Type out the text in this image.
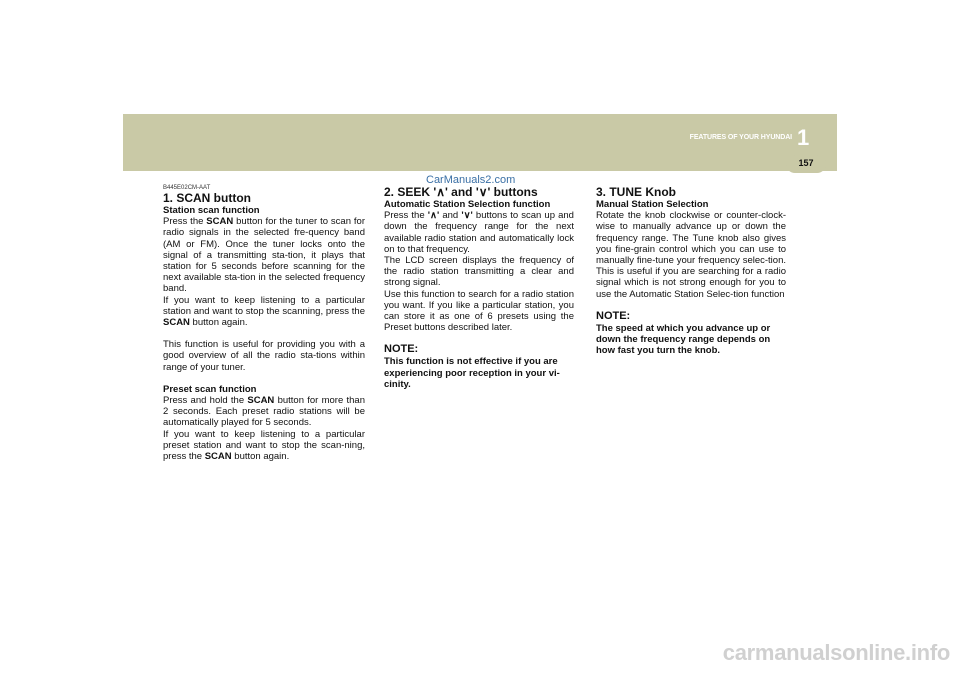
1
FEATURES OF YOUR HYUNDAI
157
CarManuals2.com
B445E02CM-AAT
1. SCAN button
Station scan function
Press the SCAN button for the tuner to scan for radio signals in the selected fre-quency band (AM or FM). Once the tuner locks onto the signal of a transmitting sta-tion, it plays that station for 5 seconds before scanning for the next available sta-tion in the selected frequency band.
If you want to keep listening to a particular station and want to stop the scanning, press the SCAN button again.
This function is useful for providing you with a good overview of all the radio sta-tions within range of your tuner.
Preset scan function
Press and hold the SCAN button for more than 2 seconds. Each preset radio stations will be automatically played for 5 seconds.
If you want to keep listening to a particular preset station and want to stop the scan-ning, press the SCAN button again.
2. SEEK '∧' and '∨' buttons
Automatic Station Selection function
Press the '∧' and '∨' buttons to scan up and down the frequency range for the next available radio station and automatically lock on to that frequency.
The LCD screen displays the frequency of the radio station transmitting a clear and strong signal.
Use this function to search for a radio station you want. If you like a particular station, you can store it as one of 6 presets using the Preset buttons described later.
NOTE:
This function is not effective if you are experiencing poor reception in your vi-cinity.
3. TUNE Knob
Manual Station Selection
Rotate the knob clockwise or counter-clock-wise to manually advance up or down the frequency range. The Tune knob also gives you fine-grain control which you can use to manually fine-tune your frequency selec-tion. This is useful if you are searching for a radio signal which is not strong enough for you to use the Automatic Station Selec-tion function
NOTE:
The speed at which you advance up or down the frequency range depends on how fast you turn the knob.
carmanualsonline.info
